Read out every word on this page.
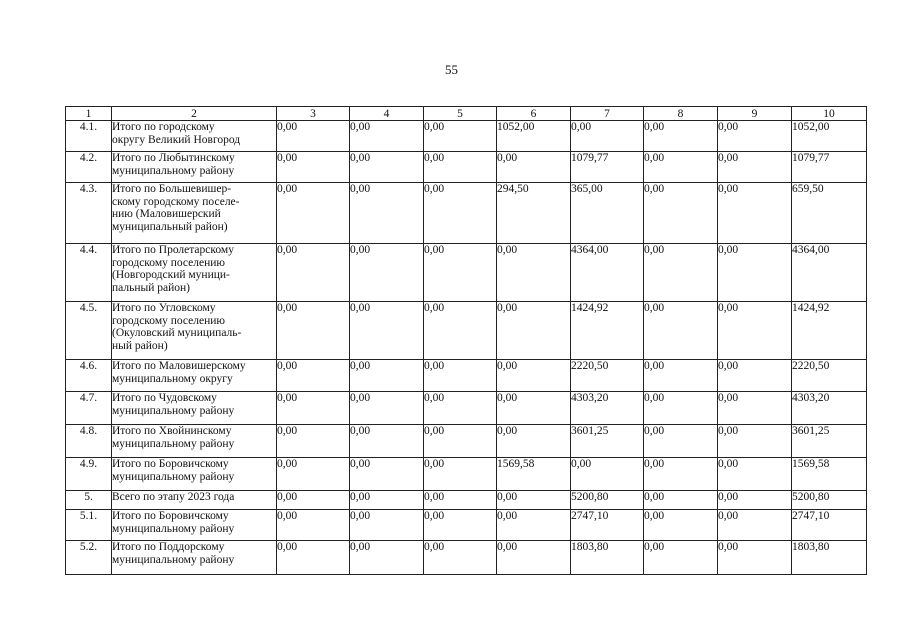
55
1	2	3	4	5	6	7	8	9	10
4.1.	Итого по городскому
округу Великий Новгород	0,00	0,00	0,00	1052,00	0,00	0,00	0,00	1052,00
4.2.	Итого по Любытинскому
муниципальному району	0,00	0,00	0,00	0,00	1079,77	0,00	0,00	1079,77
4.3.	Итого по Большевишер-
скому городскому поселе-
нию (Маловишерский
муниципальный район)	0,00	0,00	0,00	294,50	365,00	0,00	0,00	659,50
4.4.	Итого по Пролетарскому
городскому поселению
(Новгородский муници-
пальный район)	0,00	0,00	0,00	0,00	4364,00	0,00	0,00	4364,00
4.5.	Итого по Угловскому
городскому поселению
(Окуловский муниципаль-
ный район)	0,00	0,00	0,00	0,00	1424,92	0,00	0,00	1424,92
4.6.	Итого по Маловишерскому
муниципальному округу	0,00	0,00	0,00	0,00	2220,50	0,00	0,00	2220,50
4.7.	Итого по Чудовскому
муниципальному району	0,00	0,00	0,00	0,00	4303,20	0,00	0,00	4303,20
4.8.	Итого по Хвойнинскому
муниципальному району	0,00	0,00	0,00	0,00	3601,25	0,00	0,00	3601,25
4.9.	Итого по Боровичскому
муниципальному району	0,00	0,00	0,00	1569,58	0,00	0,00	0,00	1569,58
5.	Всего по этапу 2023 года	0,00	0,00	0,00	0,00	5200,80	0,00	0,00	5200,80
5.1.	Итого по Боровичскому
муниципальному району	0,00	0,00	0,00	0,00	2747,10	0,00	0,00	2747,10
5.2.	Итого по Поддорскому
муниципальному району	0,00	0,00	0,00	0,00	1803,80	0,00	0,00	1803,80
